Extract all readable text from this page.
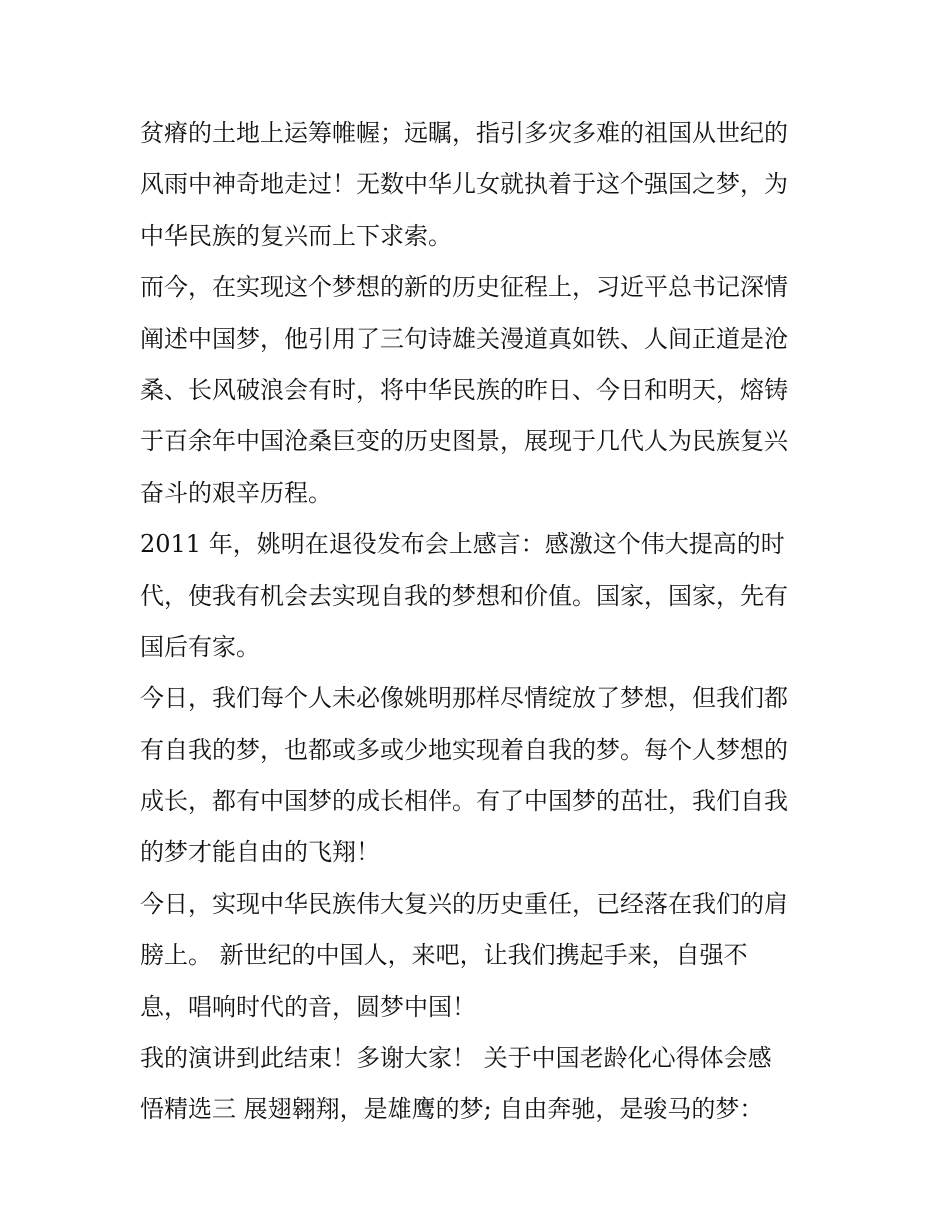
贫瘠的土地上运筹帷幄；远瞩，指引多灾多难的祖国从世纪的
风雨中神奇地走过！无数中华儿女就执着于这个强国之梦，为
中华民族的复兴而上下求索。
而今，在实现这个梦想的新的历史征程上，习近平总书记深情
阐述中国梦，他引用了三句诗雄关漫道真如铁、人间正道是沧
桑、长风破浪会有时，将中华民族的昨日、今日和明天，熔铸
于百余年中国沧桑巨变的历史图景，展现于几代人为民族复兴
奋斗的艰辛历程。
2011 年，姚明在退役发布会上感言：感激这个伟大提高的时
代，使我有机会去实现自我的梦想和价值。国家，国家，先有
国后有家。
今日，我们每个人未必像姚明那样尽情绽放了梦想，但我们都
有自我的梦，也都或多或少地实现着自我的梦。每个人梦想的
成长，都有中国梦的成长相伴。有了中国梦的茁壮，我们自我
的梦才能自由的飞翔！
今日，实现中华民族伟大复兴的历史重任，已经落在我们的肩
膀上。 新世纪的中国人，来吧，让我们携起手来，自强不
息，唱响时代的音，圆梦中国！
我的演讲到此结束！多谢大家！ 关于中国老龄化心得体会感
悟精选三 展翅翱翔，是雄鹰的梦; 自由奔驰，是骏马的梦：
